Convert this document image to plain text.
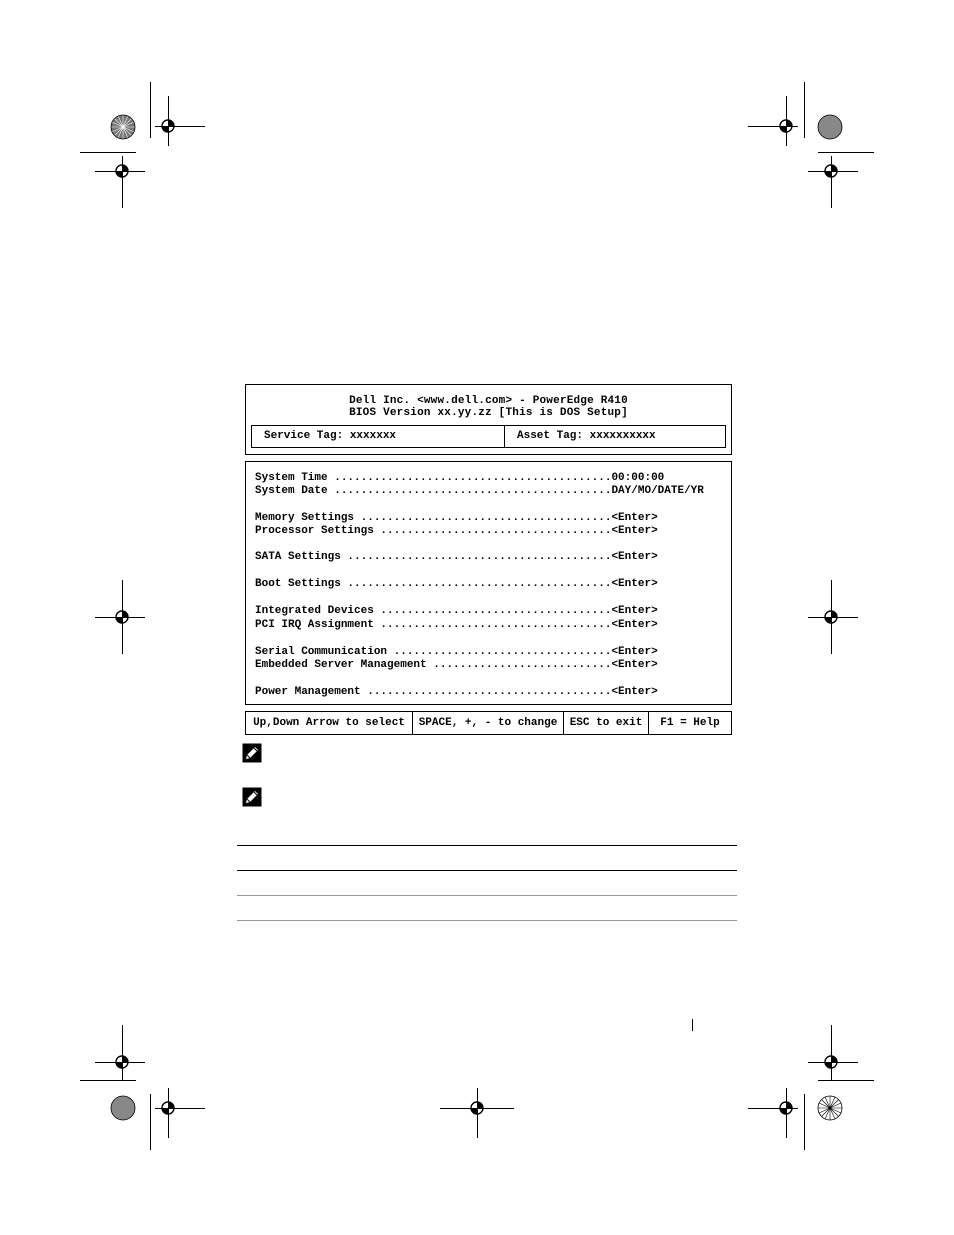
Dell Inc. <www.dell.com> - PowerEdge R410
BIOS Version xx.yy.zz [This is DOS Setup]
Service Tag: xxxxxxx	Asset Tag: xxxxxxxxxx
System Time ..........................................00:00:00
System Date ..........................................DAY/MO/DATE/YR
Memory Settings ......................................<Enter>
Processor Settings ...................................<Enter>
SATA Settings ........................................<Enter>
Boot Settings ........................................<Enter>
Integrated Devices ...................................<Enter>
PCI IRQ Assignment ...................................<Enter>
Serial Communication .................................<Enter>
Embedded Server Management ...........................<Enter>
Power Management .....................................<Enter>
Up,Down Arrow to select	SPACE, +, - to change	ESC to exit	F1 = Help
